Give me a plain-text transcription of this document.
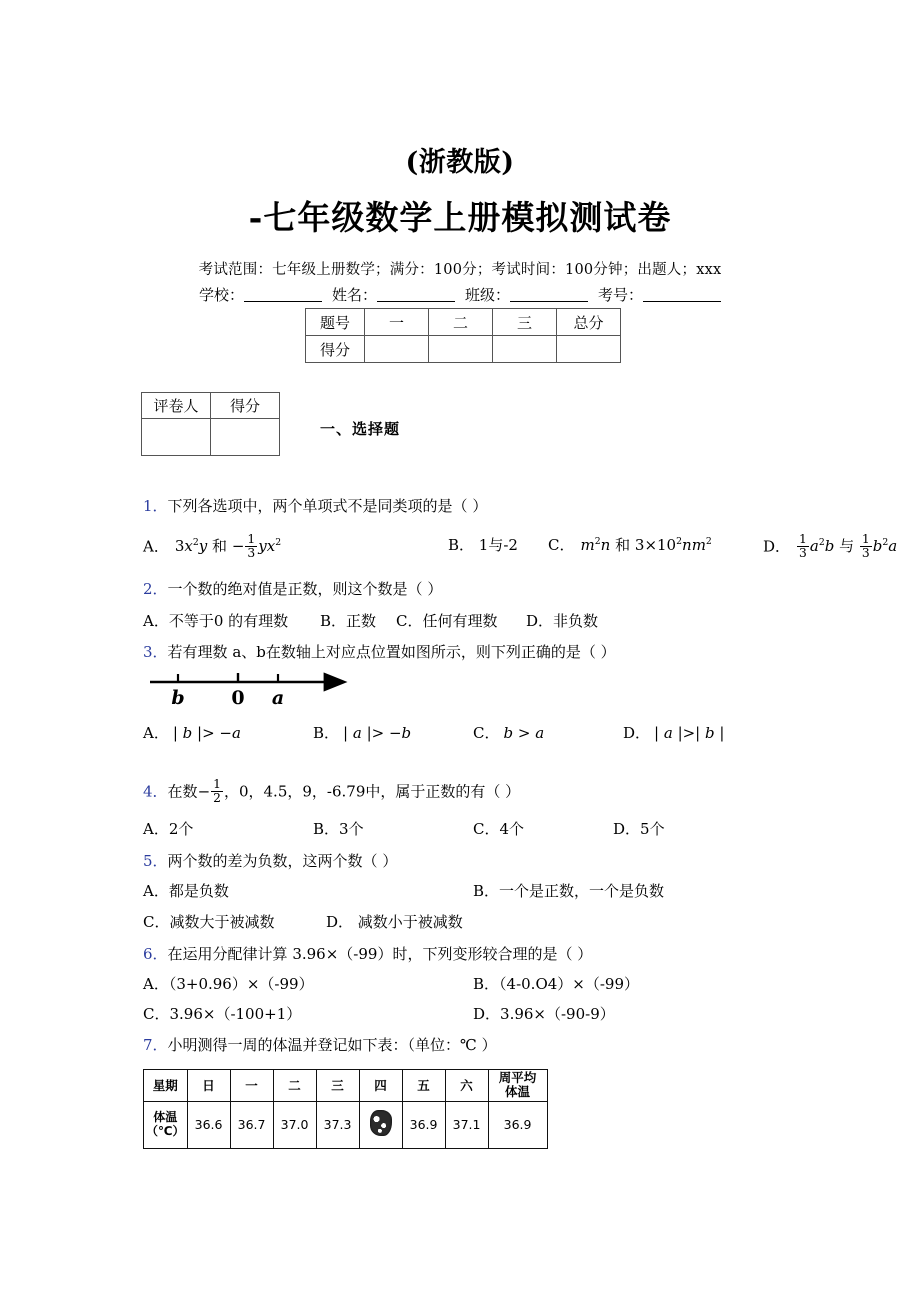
(浙教版)
-七年级数学上册模拟测试卷
考试范围：七年级上册数学；满分：100分；考试时间：100分钟；出题人；xxx
学校：	姓名：	班级：	考号：
题号	一	二	三	总分
得分				
评卷人	得分

一、选择题
1．下列各选项中，两个单项式不是同类项的是（ ）
A． $3x^2y$ 和 − $\frac{1}{3} yx^2$	B． 1与-2 C． $m^2n$ 和 $3\times 10^2nm^2$	D． $\frac{1}{3} a^2b$ 与 $\frac{1}{3} b^2a$
2．一个数的绝对值是正数，则这个数是（ ）
A．不等于0 的有理数 B．正数 C．任何有理数 D．非负数
3．若有理数 a、b在数轴上对应点位置如图所示，则下列正确的是（ ）
b 0 a
A． | b |> −a	B． | a |> −b	C． b > a	D． | a |>| b |
4．在数− $\frac{1}{2}$ ，0，4.5，9，-6.79中，属于正数的有（ ）
A．2个	B．3个	C．4个	D．5个
5．两个数的差为负数，这两个数（ ）
A．都是负数	B．一个是正数，一个是负数
C．减数大于被减数	D． 减数小于被减数
6．在运用分配律计算 3.96×（-99）时，下列变形较合理的是（ ）
A．（3+0.96）×（-99）	B．（4-0.O4）×（-99）
C．3.96×（-100+1）	D．3.96×（-90-9）
7．小明测得一周的体温并登记如下表：（单位：℃ ）
星期	日	一	二	三	四	五	六	周平均
体温
体温
（℃）	36.6	36.7	37.0	37.3		36.9	37.1	36.9
